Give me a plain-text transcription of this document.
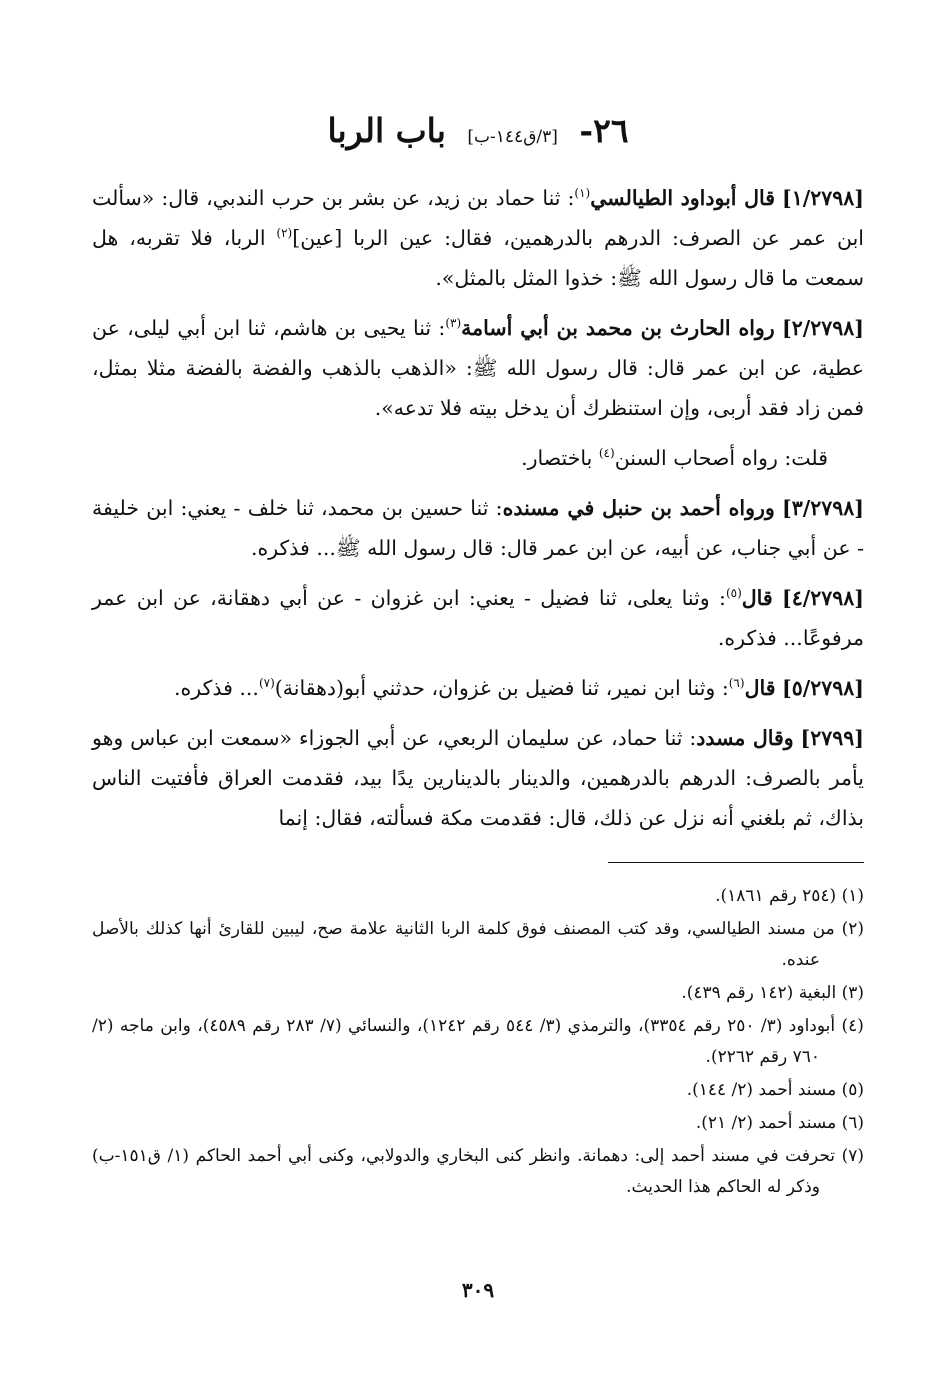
٢٦- [٣/ق١٤٤-ب] باب الربا

[١/٢٧٩٨] قال أبوداود الطيالسي$^{(١)}$: ثنا حماد بن زيد، عن بشر بن حرب الندبي، قال: «سألت ابن عمر عن الصرف: الدرهم بالدرهمين، فقال: عين الربا [عين]$^{(٢)}$ الربا، فلا تقربه، هل سمعت ما قال رسول الله ﷺ: خذوا المثل بالمثل».

[٢/٢٧٩٨] رواه الحارث بن محمد بن أبي أسامة$^{(٣)}$: ثنا يحيى بن هاشم، ثنا ابن أبي ليلى، عن عطية، عن ابن عمر قال: قال رسول الله ﷺ: «الذهب بالذهب والفضة بالفضة مثلا بمثل، فمن زاد فقد أربى، وإن استنظرك أن يدخل بيته فلا تدعه».

قلت: رواه أصحاب السنن$^{(٤)}$ باختصار.

[٣/٢٧٩٨] ورواه أحمد بن حنبل في مسنده: ثنا حسين بن محمد، ثنا خلف - يعني: ابن خليفة - عن أبي جناب، عن أبيه، عن ابن عمر قال: قال رسول الله ﷺ... فذكره.

[٤/٢٧٩٨] قال$^{(٥)}$: وثنا يعلى، ثنا فضيل - يعني: ابن غزوان - عن أبي دهقانة، عن ابن عمر مرفوعًا... فذكره.

[٥/٢٧٩٨] قال$^{(٦)}$: وثنا ابن نمير، ثنا فضيل بن غزوان، حدثني أبو(دهقانة)$^{(٧)}$... فذكره.

[٢٧٩٩] وقال مسدد: ثنا حماد، عن سليمان الربعي، عن أبي الجوزاء «سمعت ابن عباس وهو يأمر بالصرف: الدرهم بالدرهمين، والدينار بالدينارين يدًا بيد، فقدمت العراق فأفتيت الناس بذاك، ثم بلغني أنه نزل عن ذلك، قال: فقدمت مكة فسألته، فقال: إنما

(١) (٢٥٤ رقم ١٨٦١).

(٢) من مسند الطيالسي، وقد كتب المصنف فوق كلمة الربا الثانية علامة صح، ليبين للقارئ أنها كذلك بالأصل عنده.

(٣) البغية (١٤٢ رقم ٤٣٩).

(٤) أبوداود (٣/ ٢٥٠ رقم ٣٣٥٤)، والترمذي (٣/ ٥٤٤ رقم ١٢٤٢)، والنسائي (٧/ ٢٨٣ رقم ٤٥٨٩)، وابن ماجه (٢/ ٧٦٠ رقم ٢٢٦٢).

(٥) مسند أحمد (٢/ ١٤٤).

(٦) مسند أحمد (٢/ ٢١).

(٧) تحرفت في مسند أحمد إلى: دهمانة. وانظر كنى البخاري والدولابي، وكنى أبي أحمد الحاكم (١/ ق١٥١-ب) وذكر له الحاكم هذا الحديث.

٣٠٩
